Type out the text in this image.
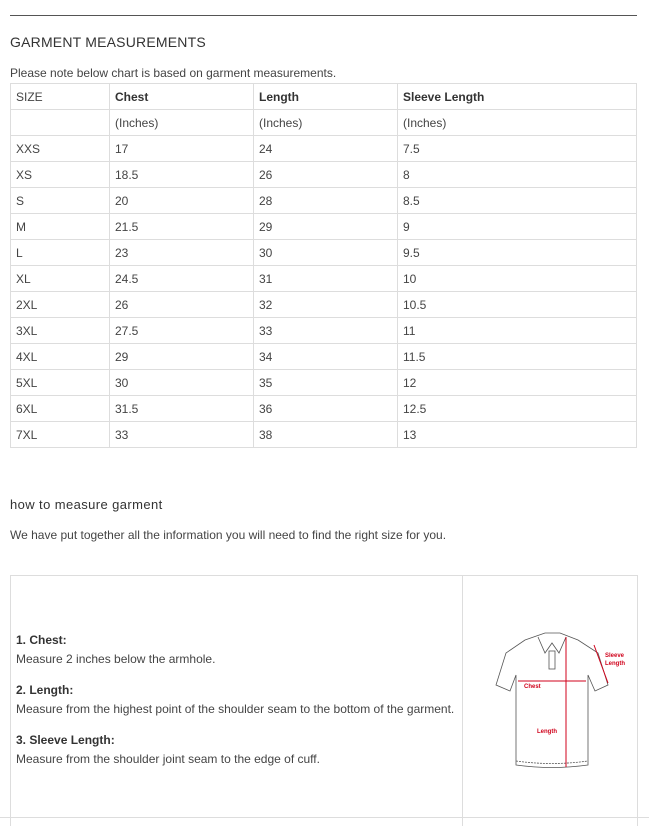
GARMENT MEASUREMENTS
Please note below chart is based on garment measurements.
SIZE	Chest	Length	Sleeve Length
	(Inches)	(Inches)	(Inches)
XXS	17	24	7.5
XS	18.5	26	8
S	20	28	8.5
M	21.5	29	9
L	23	30	9.5
XL	24.5	31	10
2XL	26	32	10.5
3XL	27.5	33	11
4XL	29	34	11.5
5XL	30	35	12
6XL	31.5	36	12.5
7XL	33	38	13
how to measure garment
We have put together all the information you will need to find the right size for you.
1. Chest:
Measure 2 inches below the armhole.
2. Length:
Measure from the highest point of the shoulder seam to the bottom of the garment.
3. Sleeve Length:
Measure from the shoulder joint seam to the edge of cuff.
Chest
Length
Sleeve
Length
